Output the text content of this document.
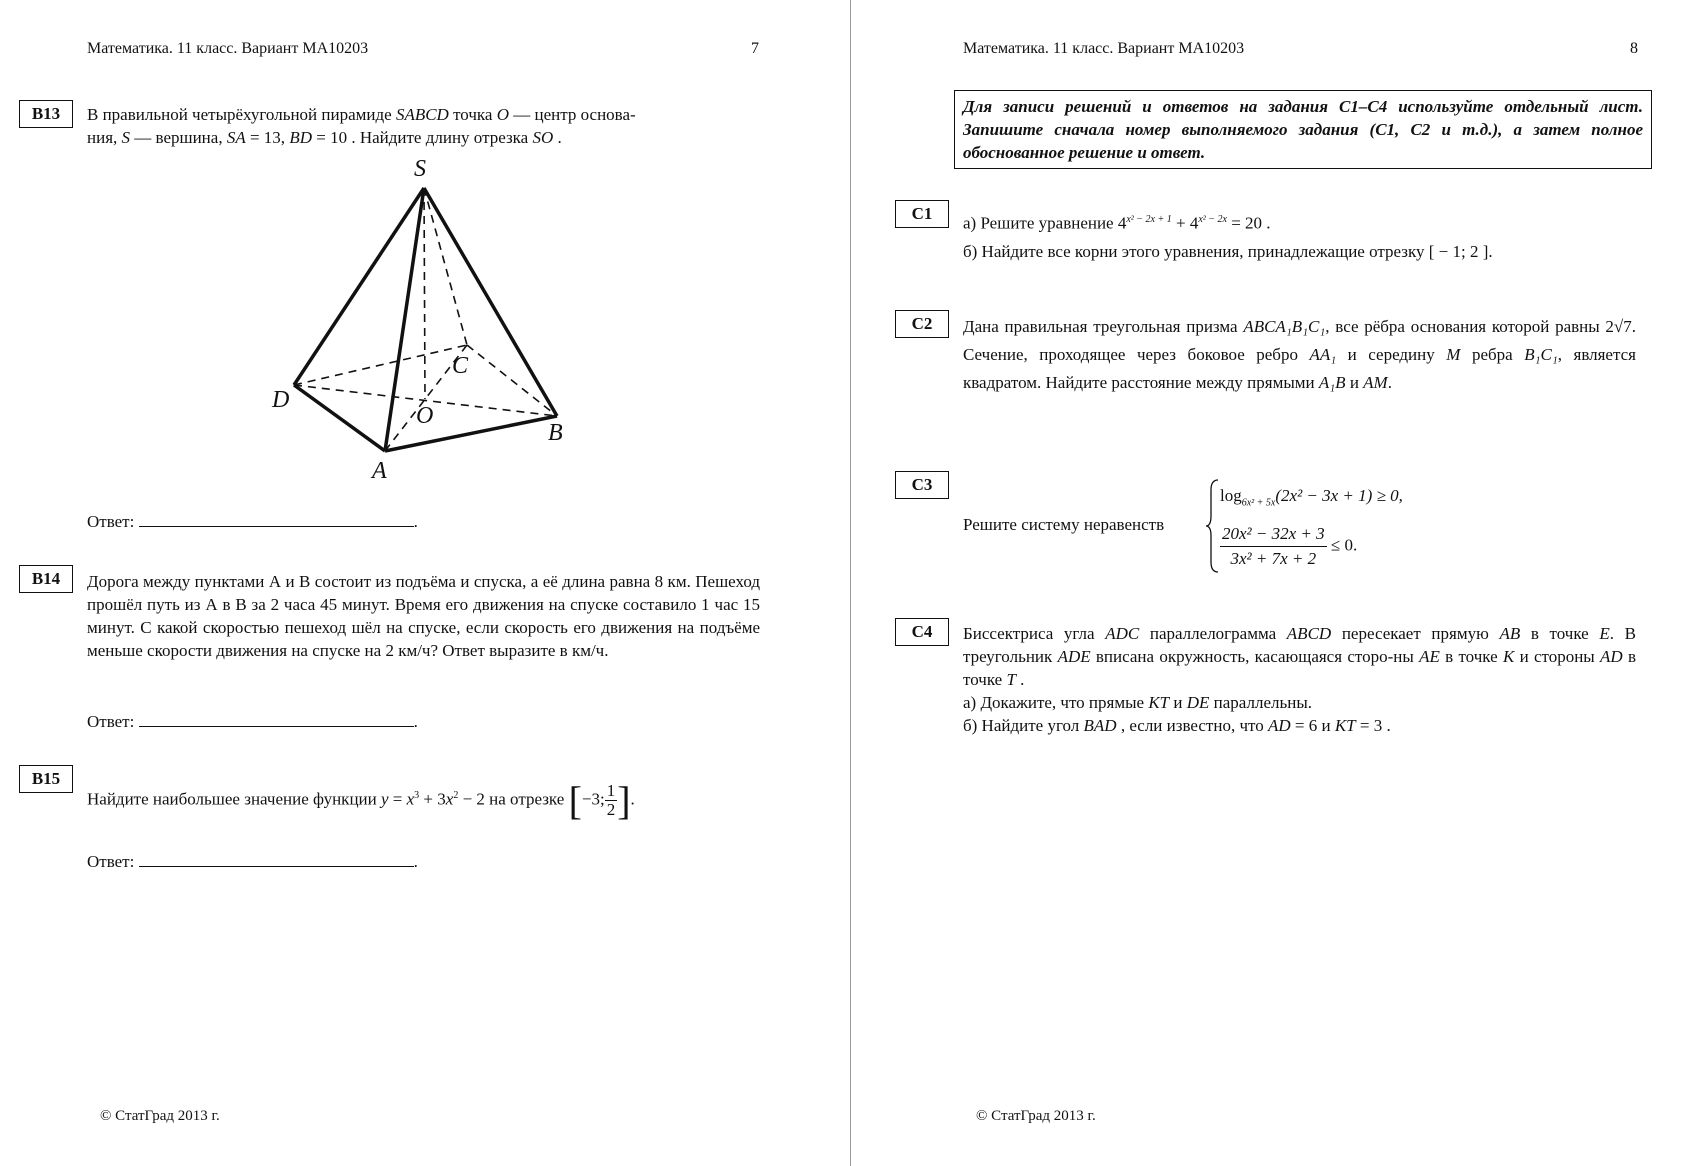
Математика. 11 класс. Вариант МА10203	7
B13	В правильной четырёхугольной пирамиде SABCD точка O — центр основа-
ния, S — вершина, SA = 13, BD = 10 . Найдите длину отрезка SO .
S
D
A
B
C
O
Ответ:	.
B14	Дорога между пунктами А и В состоит из подъёма и спуска, а её длина равна 8 км. Пешеход прошёл путь из А в В за 2 часа 45 минут. Время его движения на спуске составило 1 час 15 минут. С какой скоростью пешеход шёл на спуске, если скорость его движения на подъёме меньше скорости движения на спуске на 2 км/ч? Ответ выразите в км/ч.
Ответ:	.
B15
Найдите наибольшее значение функции $y = x^3 + 3x^2 - 2$ на отрезке [−3; $\frac{1}{2}$ ].
Ответ:	.
© СтатГрад 2013 г.
Математика. 11 класс. Вариант МА10203	8
Для записи решений и ответов на задания С1–С4 используйте отдельный лист. Запишите сначала номер выполняемого задания (С1, С2 и т.д.), а затем полное обоснованное решение и ответ.
С1
а) Решите уравнение $4^{x^2 - 2x + 1} + 4^{x^2 - 2x} = 20$ .
б) Найдите все корни этого уравнения, принадлежащие отрезку [ − 1; 2 ].
С2	Дана правильная треугольная призма ABCA₁B₁C₁, все рёбра основания которой равны 2√7. Сечение, проходящее через боковое ребро AA₁ и середину M ребра B₁C₁, является квадратом. Найдите расстояние между прямыми A₁B и AM.
С3
Решите систему неравенств
$\log_{6x^2 + 5x}(2x^2 - 3x + 1) \ge 0$,
$\frac{\text{20x² − 32x + 3}}{\text{3x² + 7x + 2}} \le 0$.
С4	Биссектриса угла ADC параллелограмма ABCD пересекает прямую AB в точке E. В треугольник ADE вписана окружность, касающаяся сторо-ны AE в точке K и стороны AD в точке T .
а) Докажите, что прямые KT и DE параллельны.
б) Найдите угол BAD , если известно, что AD = 6 и KT = 3 .
© СтатГрад 2013 г.
